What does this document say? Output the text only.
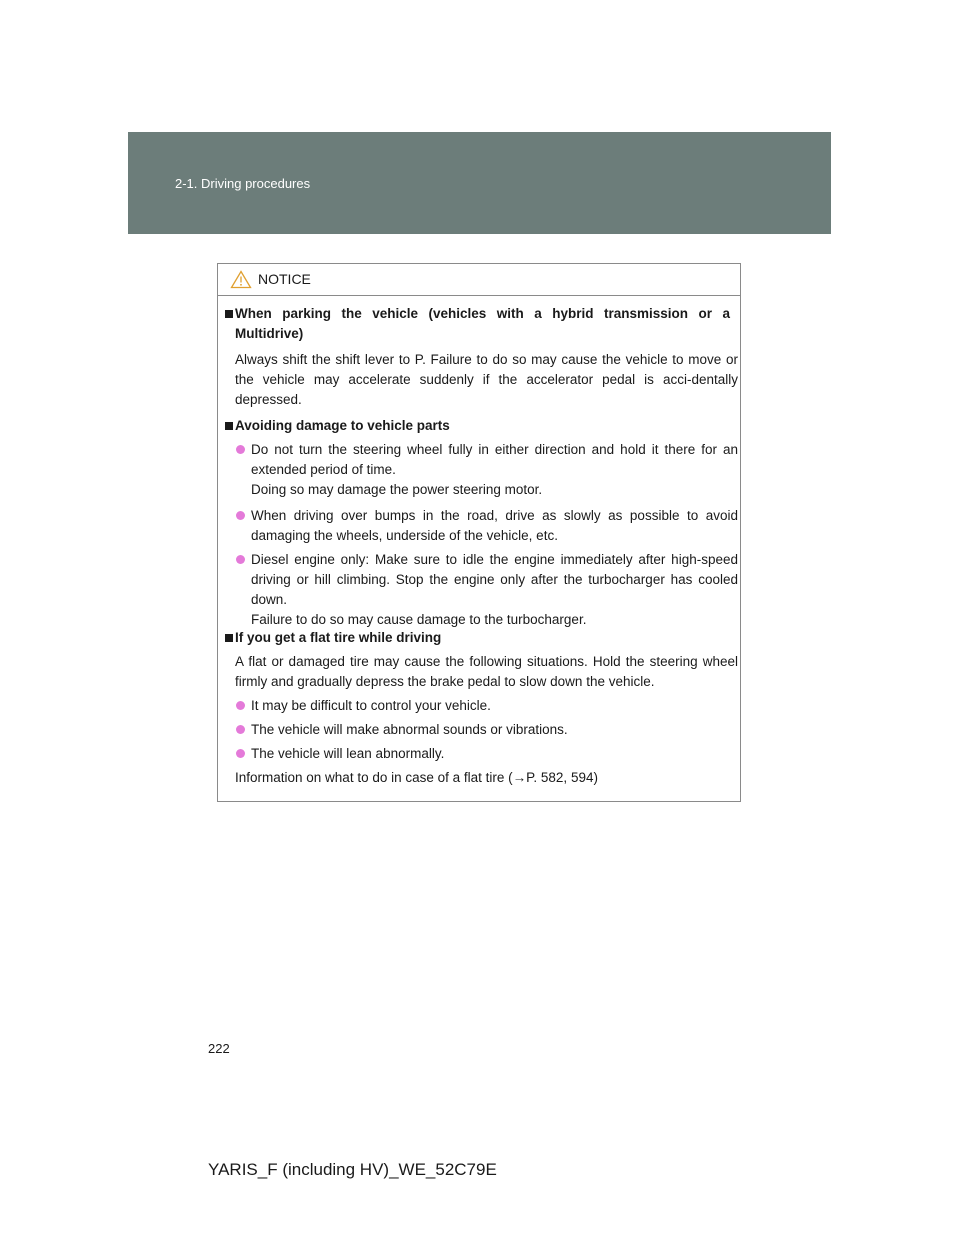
2-1. Driving procedures
NOTICE
When parking the vehicle (vehicles with a hybrid transmission or a Multidrive)
Always shift the shift lever to P. Failure to do so may cause the vehicle to move or the vehicle may accelerate suddenly if the accelerator pedal is acci-dentally depressed.
Avoiding damage to vehicle parts
Do not turn the steering wheel fully in either direction and hold it there for an extended period of time.
Doing so may damage the power steering motor.
When driving over bumps in the road, drive as slowly as possible to avoid damaging the wheels, underside of the vehicle, etc.
Diesel engine only: Make sure to idle the engine immediately after high-speed driving or hill climbing. Stop the engine only after the turbocharger has cooled down.
Failure to do so may cause damage to the turbocharger.
If you get a flat tire while driving
A flat or damaged tire may cause the following situations. Hold the steering wheel firmly and gradually depress the brake pedal to slow down the vehicle.
It may be difficult to control your vehicle.
The vehicle will make abnormal sounds or vibrations.
The vehicle will lean abnormally.
Information on what to do in case of a flat tire (→P. 582, 594)
222
YARIS_F (including HV)_WE_52C79E
